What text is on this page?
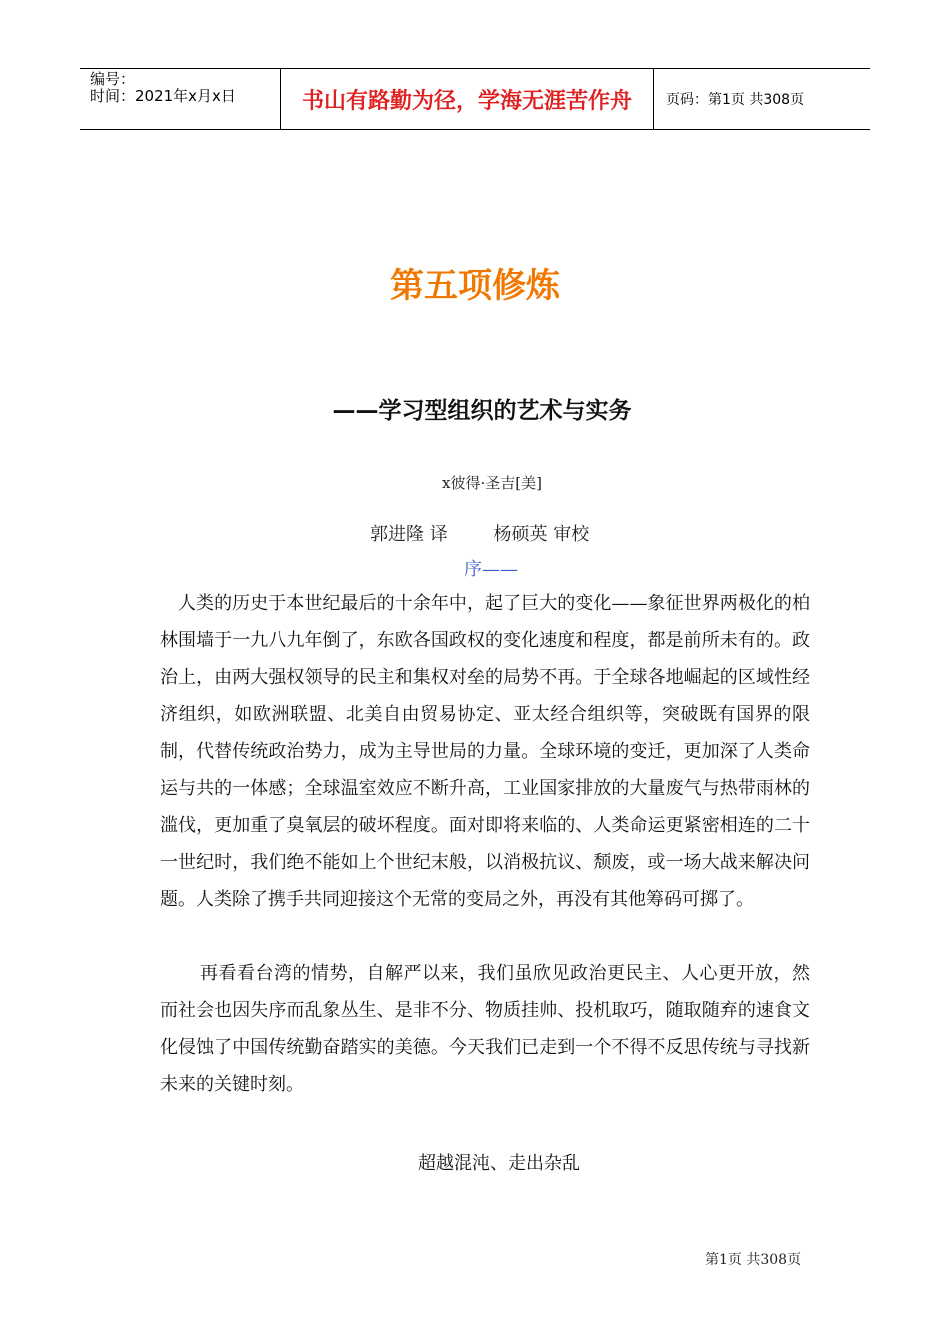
编号：
时间：2021年x月x日	书山有路勤为径，学海无涯苦作舟	页码：第1页 共308页
第五项修炼
——学习型组织的艺术与实务
x彼得·圣吉[美]
郭进隆 译        杨硕英 审校
序——
人类的历史于本世纪最后的十余年中，起了巨大的变化——象征世界两极化的柏林围墙于一九八九年倒了，东欧各国政权的变化速度和程度，都是前所未有的。政治上，由两大强权领导的民主和集权对垒的局势不再。于全球各地崛起的区域性经济组织，如欧洲联盟、北美自由贸易协定、亚太经合组织等，突破既有国界的限制，代替传统政治势力，成为主导世局的力量。全球环境的变迁，更加深了人类命运与共的一体感；全球温室效应不断升高，工业国家排放的大量废气与热带雨林的滥伐，更加重了臭氧层的破坏程度。面对即将来临的、人类命运更紧密相连的二十一世纪时，我们绝不能如上个世纪末般，以消极抗议、颓废，或一场大战来解决问题。人类除了携手共同迎接这个无常的变局之外，再没有其他筹码可掷了。
再看看台湾的情势，自解严以来，我们虽欣见政治更民主、人心更开放，然而社会也因失序而乱象丛生、是非不分、物质挂帅、投机取巧，随取随弃的速食文化侵蚀了中国传统勤奋踏实的美德。今天我们已走到一个不得不反思传统与寻找新未来的关键时刻。
超越混沌、走出杂乱
第1页 共308页
